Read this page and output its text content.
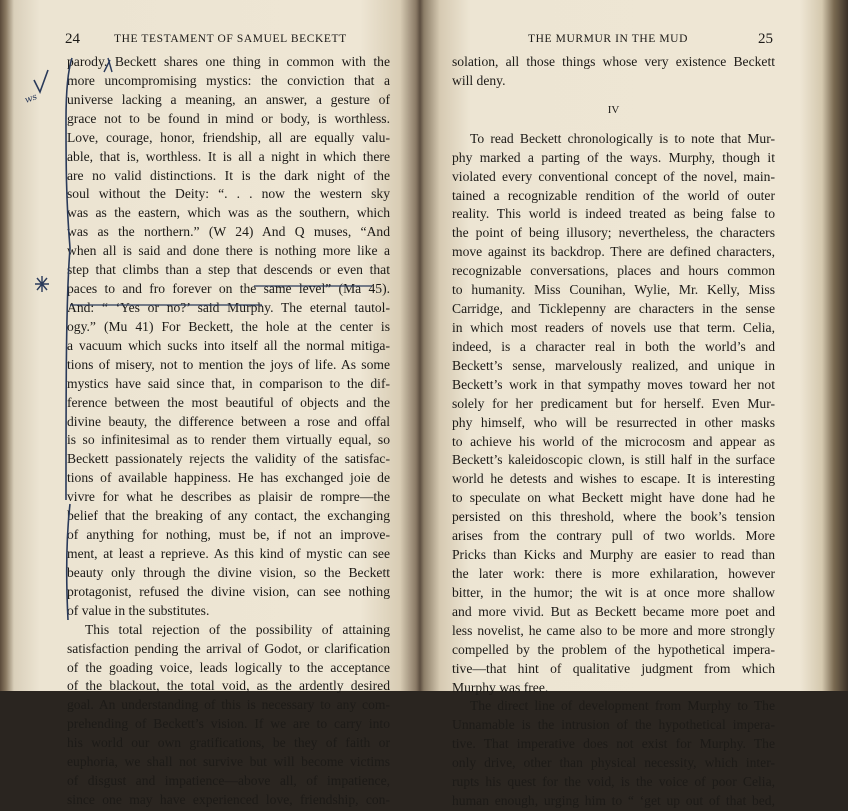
24	THE TESTAMENT OF SAMUEL BECKETT
parody. Beckett shares one thing in common with the
more uncompromising mystics: the conviction that a
universe lacking a meaning, an answer, a gesture of
grace not to be found in mind or body, is worthless.
Love, courage, honor, friendship, all are equally valu-
able, that is, worthless. It is all a night in which there
are no valid distinctions. It is the dark night of the
soul without the Deity: “. . . now the western sky
was as the eastern, which was as the southern, which
was as the northern.” (W 24) And Q muses, “And
when all is said and done there is nothing more like a
step that climbs than a step that descends or even that
paces to and fro forever on the same level” (Ma 45).
And: “ ‘Yes or no?’ said Murphy. The eternal tautol-
ogy.” (Mu 41) For Beckett, the hole at the center is
a vacuum which sucks into itself all the normal mitiga-
tions of misery, not to mention the joys of life. As some
mystics have said since that, in comparison to the dif-
ference between the most beautiful of objects and the
divine beauty, the difference between a rose and offal
is so infinitesimal as to render them virtually equal, so
Beckett passionately rejects the validity of the satisfac-
tions of available happiness. He has exchanged joie de
vivre for what he describes as plaisir de rompre—the
belief that the breaking of any contact, the exchanging
of anything for nothing, must be, if not an improve-
ment, at least a reprieve. As this kind of mystic can see
beauty only through the divine vision, so the Beckett
protagonist, refused the divine vision, can see nothing
of value in the substitutes.
This total rejection of the possibility of attaining
satisfaction pending the arrival of Godot, or clarification
of the goading voice, leads logically to the acceptance
of the blackout, the total void, as the ardently desired
goal. An understanding of this is necessary to any com-
prehending of Beckett’s vision. If we are to carry into
his world our own gratifications, be they of faith or
euphoria, we shall not survive but will become victims
of disgust and impatience—above all, of impatience,
since one may have experienced love, friendship, con-
THE MURMUR IN THE MUD	25
solation, all those things whose very existence Beckett
will deny.
IV
To read Beckett chronologically is to note that Mur-
phy marked a parting of the ways. Murphy, though it
violated every conventional concept of the novel, main-
tained a recognizable rendition of the world of outer
reality. This world is indeed treated as being false to
the point of being illusory; nevertheless, the characters
move against its backdrop. There are defined characters,
recognizable conversations, places and hours common
to humanity. Miss Counihan, Wylie, Mr. Kelly, Miss
Carridge, and Ticklepenny are characters in the sense
in which most readers of novels use that term. Celia,
indeed, is a character real in both the world’s and
Beckett’s sense, marvelously realized, and unique in
Beckett’s work in that sympathy moves toward her not
solely for her predicament but for herself. Even Mur-
phy himself, who will be resurrected in other masks
to achieve his world of the microcosm and appear as
Beckett’s kaleidoscopic clown, is still half in the surface
world he detests and wishes to escape. It is interesting
to speculate on what Beckett might have done had he
persisted on this threshold, where the book’s tension
arises from the contrary pull of two worlds. More
Pricks than Kicks and Murphy are easier to read than
the later work: there is more exhilaration, however
bitter, in the humor; the wit is at once more shallow
and more vivid. But as Beckett became more poet and
less novelist, he came also to be more and more strongly
compelled by the problem of the hypothetical impera-
tive—that hint of qualitative judgment from which
Murphy was free.
The direct line of development from Murphy to The
Unnamable is the intrusion of the hypothetical impera-
tive. That imperative does not exist for Murphy. The
only drive, other than physical necessity, which inter-
rupts his quest for the void, is the voice of poor Celia,
human enough, urging him to “ ‘get up out of that bed,
ws
